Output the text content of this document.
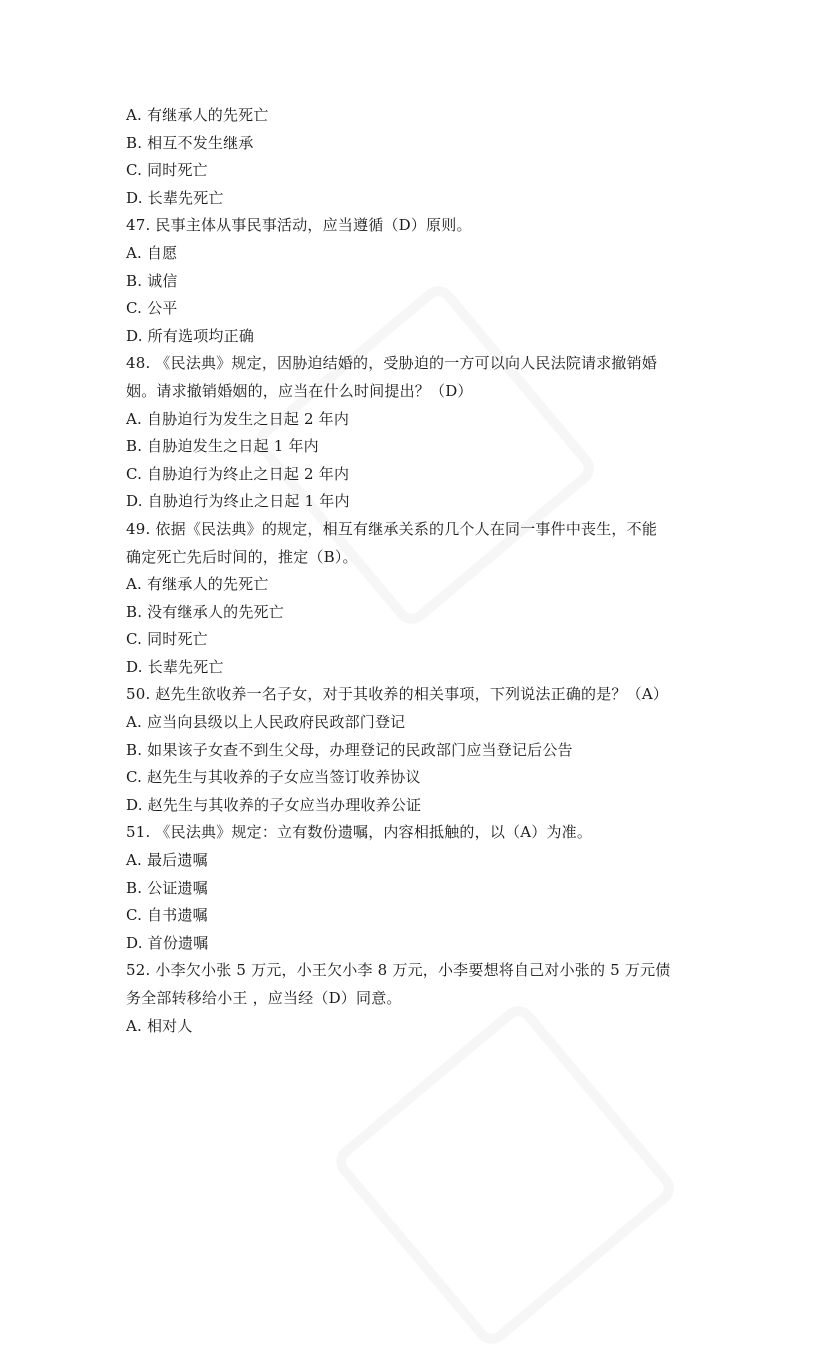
A. 有继承人的先死亡
B. 相互不发生继承
C. 同时死亡
D. 长辈先死亡
47. 民事主体从事民事活动，应当遵循（D）原则。
A. 自愿
B. 诚信
C. 公平
D. 所有选项均正确
48. 《民法典》规定，因胁迫结婚的，受胁迫的一方可以向人民法院请求撤销婚
姻。请求撤销婚姻的，应当在什么时间提出？（D）
A. 自胁迫行为发生之日起 2 年内
B. 自胁迫发生之日起 1 年内
C. 自胁迫行为终止之日起 2 年内
D. 自胁迫行为终止之日起 1 年内
49. 依据《民法典》的规定，相互有继承关系的几个人在同一事件中丧生，不能
确定死亡先后时间的，推定（B）。
A. 有继承人的先死亡
B. 没有继承人的先死亡
C. 同时死亡
D. 长辈先死亡
50. 赵先生欲收养一名子女，对于其收养的相关事项，下列说法正确的是？（A）
A. 应当向县级以上人民政府民政部门登记
B. 如果该子女查不到生父母，办理登记的民政部门应当登记后公告
C. 赵先生与其收养的子女应当签订收养协议
D. 赵先生与其收养的子女应当办理收养公证
51. 《民法典》规定：立有数份遗嘱，内容相抵触的，以（A）为准。
A. 最后遗嘱
B. 公证遗嘱
C. 自书遗嘱
D. 首份遗嘱
52. 小李欠小张 5 万元，小王欠小李 8 万元，小李要想将自己对小张的 5 万元债
务全部转移给小王 ，应当经（D）同意。
A. 相对人
